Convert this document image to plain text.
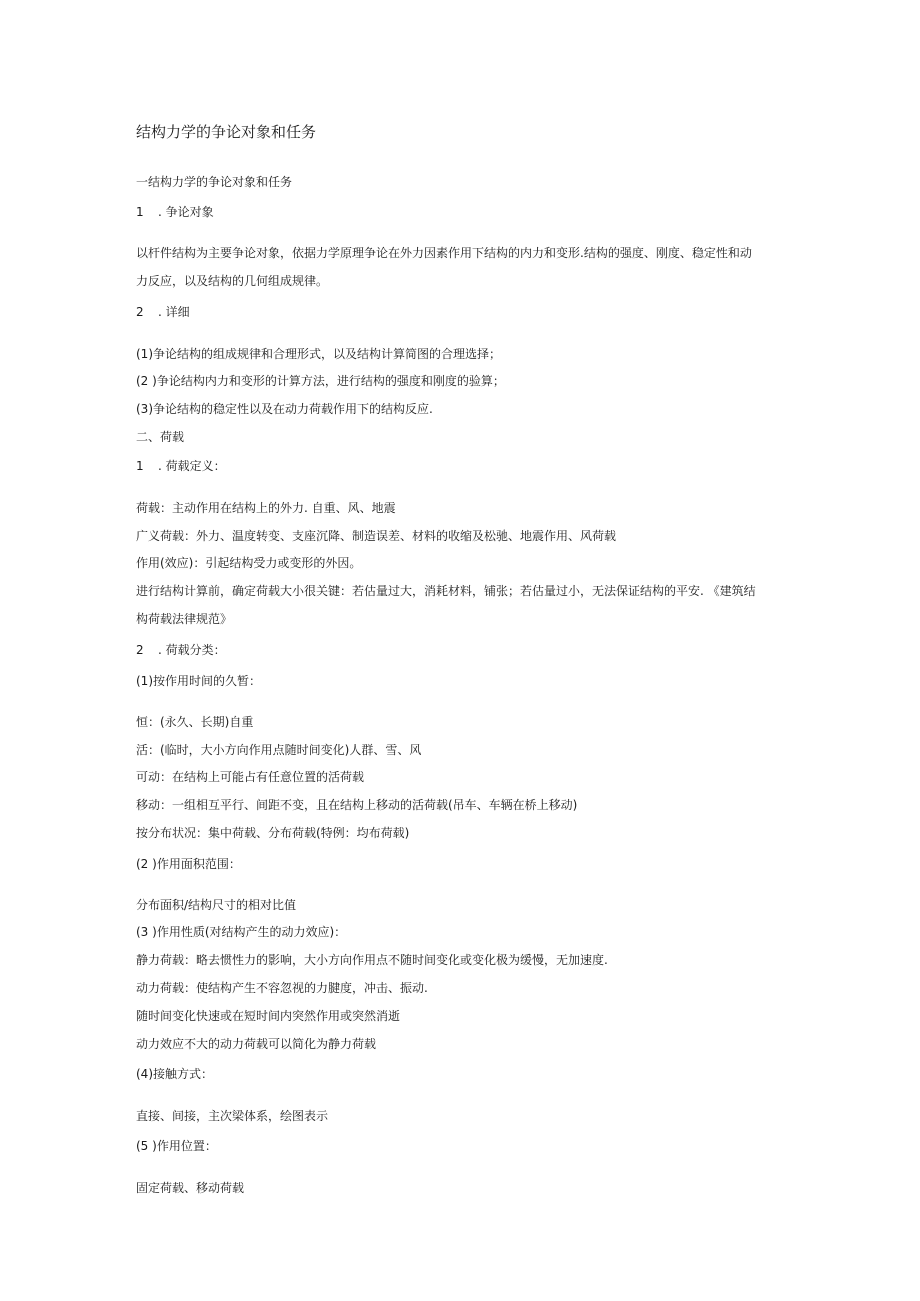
结构力学的争论对象和任务
一结构力学的争论对象和任务
1 . 争论对象
以杆件结构为主要争论对象，依据力学原理争论在外力因素作用下结构的内力和变形.结构的强度、刚度、稳定性和动
力反应，以及结构的几何组成规律。
2 . 详细
(1)争论结构的组成规律和合理形式，以及结构计算简图的合理选择；
(2 )争论结构内力和变形的计算方法，进行结构的强度和刚度的验算；
(3)争论结构的稳定性以及在动力荷载作用下的结构反应.
二、荷载
1 . 荷载定义：
荷载：主动作用在结构上的外力. 自重、风、地震
广义荷载：外力、温度转变、支座沉降、制造误差、材料的收缩及松驰、地震作用、风荷载
作用(效应)：引起结构受力或变形的外因。
进行结构计算前，确定荷载大小很关键：若估量过大，消耗材料，铺张；若估量过小，无法保证结构的平安. 《建筑结
构荷载法律规范》
2 . 荷载分类：
(1)按作用时间的久暂：
恒：(永久、长期)自重
活：(临时，大小方向作用点随时间变化)人群、雪、风
可动：在结构上可能占有任意位置的活荷载
移动：一组相互平行、间距不变，且在结构上移动的活荷载(吊车、车辆在桥上移动)
按分布状况：集中荷载、分布荷载(特例：均布荷载)
(2 )作用面积范围：
分布面积/结构尺寸的相对比值
(3 )作用性质(对结构产生的动力效应)：
静力荷载：略去惯性力的影响，大小方向作用点不随时间变化或变化极为缓慢，无加速度.
动力荷载：使结构产生不容忽视的力腱度，冲击、振动.
随时间变化快速或在短时间内突然作用或突然消逝
动力效应不大的动力荷载可以简化为静力荷载
(4)接触方式：
直接、间接，主次梁体系，绘图表示
(5 )作用位置：
固定荷载、移动荷载
